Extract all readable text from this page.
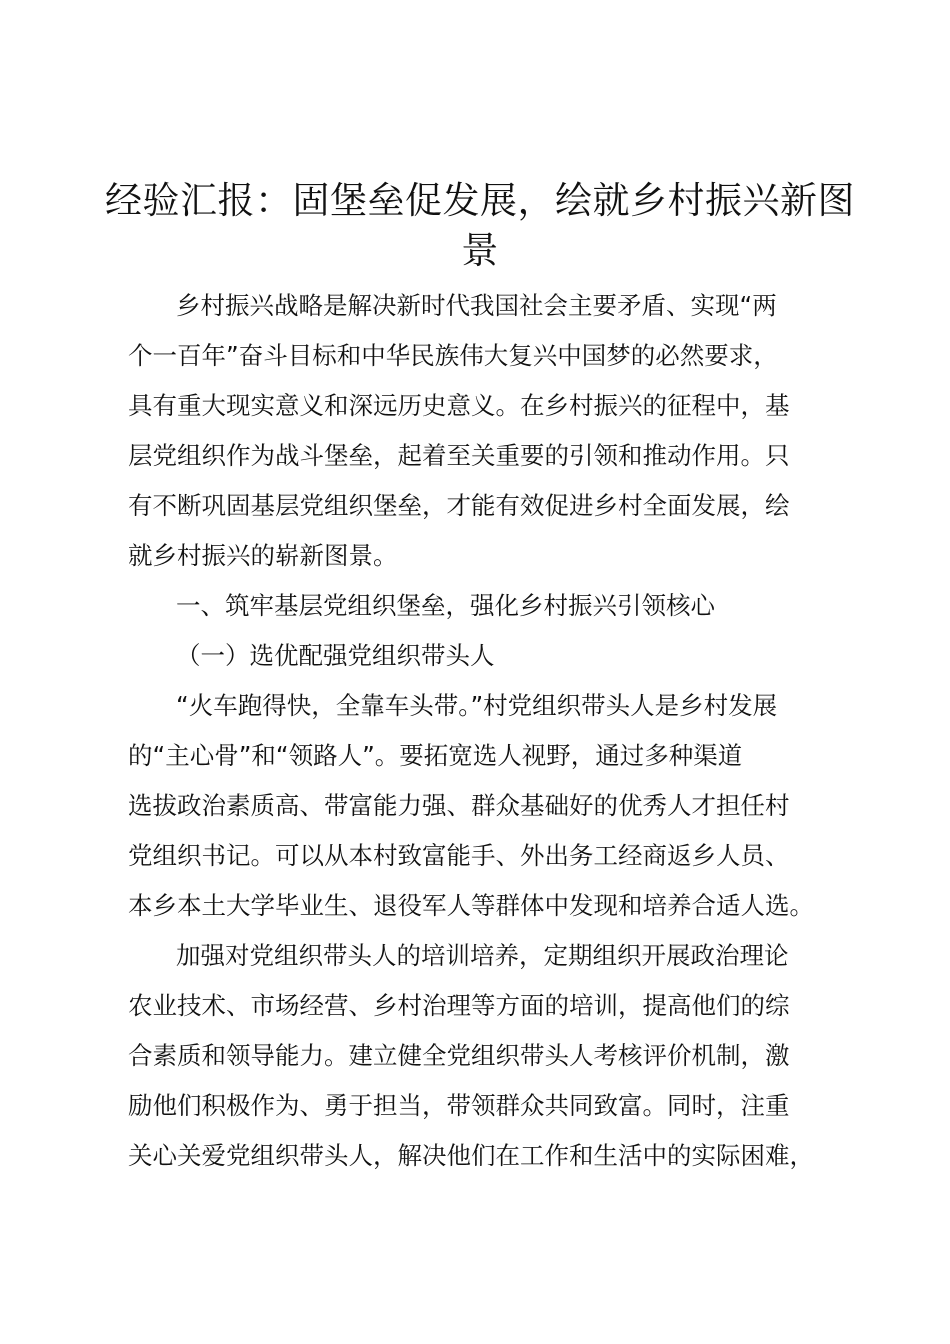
经验汇报：固堡垒促发展，绘就乡村振兴新图
景

乡村振兴战略是解决新时代我国社会主要矛盾、实现“两

个一百年”奋斗目标和中华民族伟大复兴中国梦的必然要求，

具有重大现实意义和深远历史意义。在乡村振兴的征程中，基

层党组织作为战斗堡垒，起着至关重要的引领和推动作用。只

有不断巩固基层党组织堡垒，才能有效促进乡村全面发展，绘

就乡村振兴的崭新图景。

一、筑牢基层党组织堡垒，强化乡村振兴引领核心

（一）选优配强党组织带头人

“火车跑得快，全靠车头带。”村党组织带头人是乡村发展

的“主心骨”和“领路人”。要拓宽选人视野，通过多种渠道

选拔政治素质高、带富能力强、群众基础好的优秀人才担任村

党组织书记。可以从本村致富能手、外出务工经商返乡人员、

本乡本土大学毕业生、退役军人等群体中发现和培养合适人选。

加强对党组织带头人的培训培养，定期组织开展政治理论

农业技术、市场经营、乡村治理等方面的培训，提高他们的综

合素质和领导能力。建立健全党组织带头人考核评价机制，激

励他们积极作为、勇于担当，带领群众共同致富。同时，注重

关心关爱党组织带头人，解决他们在工作和生活中的实际困难，
